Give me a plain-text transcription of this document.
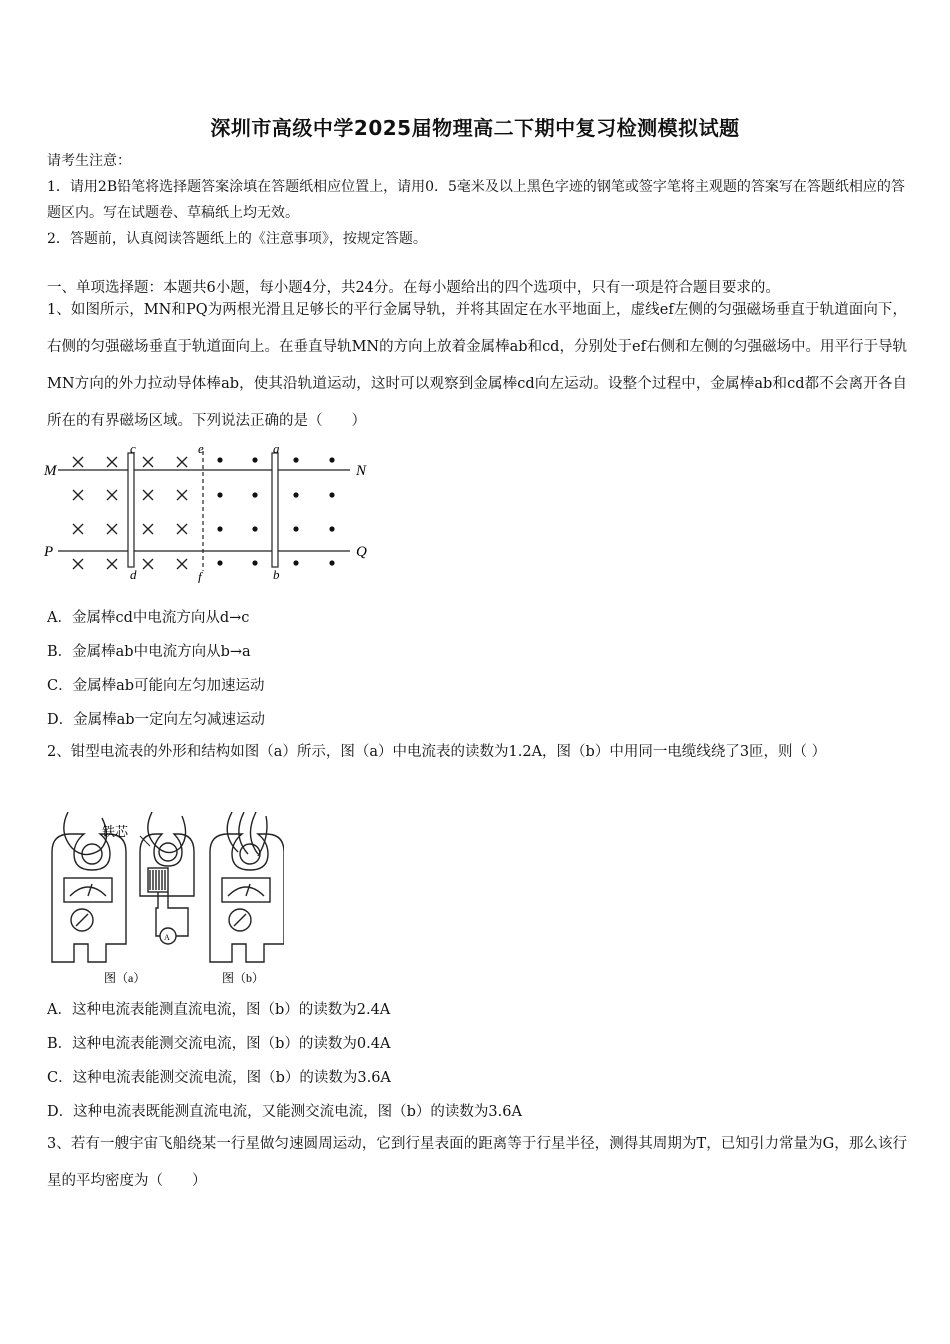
深圳市高级中学2025届物理高二下期中复习检测模拟试题
请考生注意：
1．请用2B铅笔将选择题答案涂填在答题纸相应位置上，请用0．5毫米及以上黑色字迹的钢笔或签字笔将主观题的答案写在答题纸相应的答题区内。写在试题卷、草稿纸上均无效。
2．答题前，认真阅读答题纸上的《注意事项》，按规定答题。
一、单项选择题：本题共6小题，每小题4分，共24分。在每小题给出的四个选项中，只有一项是符合题目要求的。
1、如图所示，MN和PQ为两根光滑且足够长的平行金属导轨，并将其固定在水平地面上，虚线ef左侧的匀强磁场垂直于轨道面向下，右侧的匀强磁场垂直于轨道面向上。在垂直导轨MN的方向上放着金属棒ab和cd，分别处于ef右侧和左侧的匀强磁场中。用平行于导轨MN方向的外力拉动导体棒ab，使其沿轨道运动，这时可以观察到金属棒cd向左运动。设整个过程中，金属棒ab和cd都不会离开各自所在的有界磁场区域。下列说法正确的是（　　）
M	N
P	Q
c
d
e
f
a
b
A．金属棒cd中电流方向从d→c
B．金属棒ab中电流方向从b→a
C．金属棒ab可能向左匀加速运动
D．金属棒ab一定向左匀减速运动
2、钳型电流表的外形和结构如图（a）所示，图（a）中电流表的读数为1.2A，图（b）中用同一电缆线绕了3匝，则（ ）
铁芯
A
图（a）	图（b）
A．这种电流表能测直流电流，图（b）的读数为2.4A
B．这种电流表能测交流电流，图（b）的读数为0.4A
C．这种电流表能测交流电流，图（b）的读数为3.6A
D．这种电流表既能测直流电流，又能测交流电流，图（b）的读数为3.6A
3、若有一艘宇宙飞船绕某一行星做匀速圆周运动，它到行星表面的距离等于行星半径，测得其周期为T，已知引力常量为G，那么该行星的平均密度为（　　）
